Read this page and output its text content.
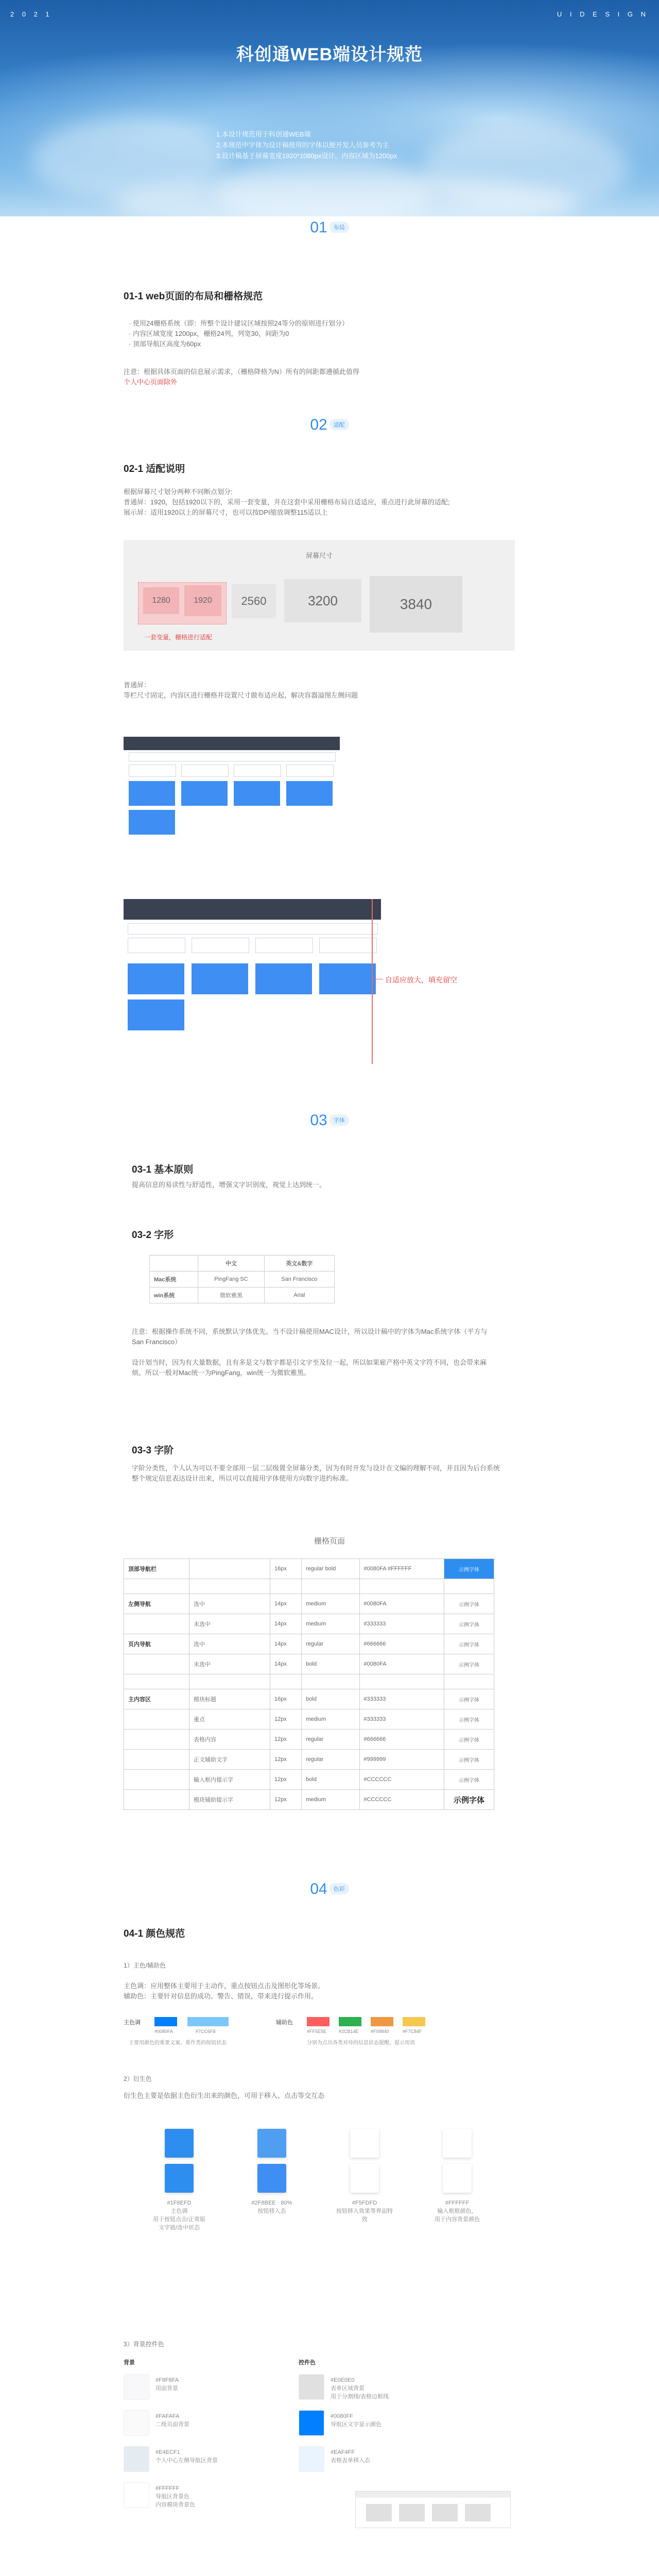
2 0 2 1	U I D E S I G N
科创通WEB端设计规范
1.本设计规范用于科创通WEB端
2.本规范中字体为设计稿使用的字体以便开发人员参考为主
3.设计稿基于屏幕宽度1920*1080px设计，内容区域为1200px
01 布局
01-1 web页面的布局和栅格规范
· 使用24栅格系统（即：所整个设计建议区域按照24等分的原则进行划分）
· 内容区域宽度 1200px，栅格24列，列宽30，间距为0
· 顶部导航区高度为60px
注意：根据具体页面的信息展示需求，（栅格降格为N）所有的间距都遵循此值得
个人中心页面除外
02 适配
02-1 适配说明
根据屏幕尺寸划分两种不同断点划分:
普通屏：1920，包括1920以下的，采用一套变量，并在这套中采用栅格布局自适适应，重点进行此屏幕的适配;
展示屏：适用1920以上的屏幕尺寸，也可以按DPI缩放调整115适以上
屏幕尺寸
1280	1920	2560	3200	3840
一套变量，栅格进行适配
普通屏：
等栏尺寸固定，内容区进行栅格并设置尺寸做布适应起，解决容器溢图左侧问题
自适应放大，填充留空
03 字体
03-1 基本原则
提高信息的易读性与舒适性，增强文字识别度，视觉上达到统一。
03-2 字形
	中文	英文&数字
Mac系统	PingFang SC	San Francisco
win系统	微软雅黑	Arial
注意：根据操作系统不同，系统默认字体优先。当不设计稿使用MAC设计，所以设计稿中的字体为Mac系统字体（平方与San Francisco）

设计划当时，因为有大量数据，且有多是文与数字都是引文字至及位一起，所以如果雇产格中英文字符不同，也会带来麻烦。所以一般对Mac统一为PingFang，win统一为微软雅黑。
03-3 字阶
字阶分类性，个人认为可以不要全部用一层二层级置全屏幕分类，因为有时开发与设计在文编的理解不同，并且因为后台系统整个规定信息表达设计出来，所以可以直接用字体使用方向数字进约标准。
栅格页面
顶部导航栏		16px	regular bold	#0080FA #FFFFFF	示例字体

左侧导航	选中	14px	medium	#0080FA	示例字体
	未选中	14px	medium	#333333	示例字体
页内导航	选中	14px	regular	#666666	示例字体
	未选中	14px	bold	#0080FA	示例字体

主内容区	模块标题	16px	bold	#333333	示例字体
	重点	12px	medium	#333333	示例字体
	表格内容	12px	regular	#666666	示例字体
	正文辅助文字	12px	regular	#999999	示例字体
	输入框内提示字	12px	bold	#CCCCCC	示例字体
	模块辅助提示字	12px	medium	#CCCCCC	示例字体
04 色彩
04-1 颜色规范
1）主色/辅助色
主色调：应用整体主要用于主动作，重点按钮点击及图形化等场景。
辅助色：主要针对信息的成功、警告、错误，带来进行提示作用。
主色调
#0080FA	#7CC6F8
主要用颜色的重要文案、重作类的按钮状态
辅助色
#FF5E5E	#2CB14E	#F09840	#F7C84F
分别为点出各类对待的信息状态提醒，提示用语
2）衍生色
衍生色主要是依据主色衍生出来的颜色，可用于移入、点击等交互态
#1F8EFD
主色调
用于按钮点击/正常版
文字链/选中状态
#2F8BEE · 80%
按钮移入态
#F5FDFD
按钮移入效果等界面特效
#FFFFFF
输入框框颜色，
用于内容背景颜色
3）背景控件色
背景	控件色
#F8F8FA
用面背景
#FAFAFA
二级页面背景
#E4ECF1
个人中心左侧导航区背景
#FFFFFF
导航区背景色
内容模块背景色
#E0E0E0
表单区域背景
用于分割线/表格边框线
#0080FF
导航区文字显示颜色
#EAF4FF
表格表单移入态
